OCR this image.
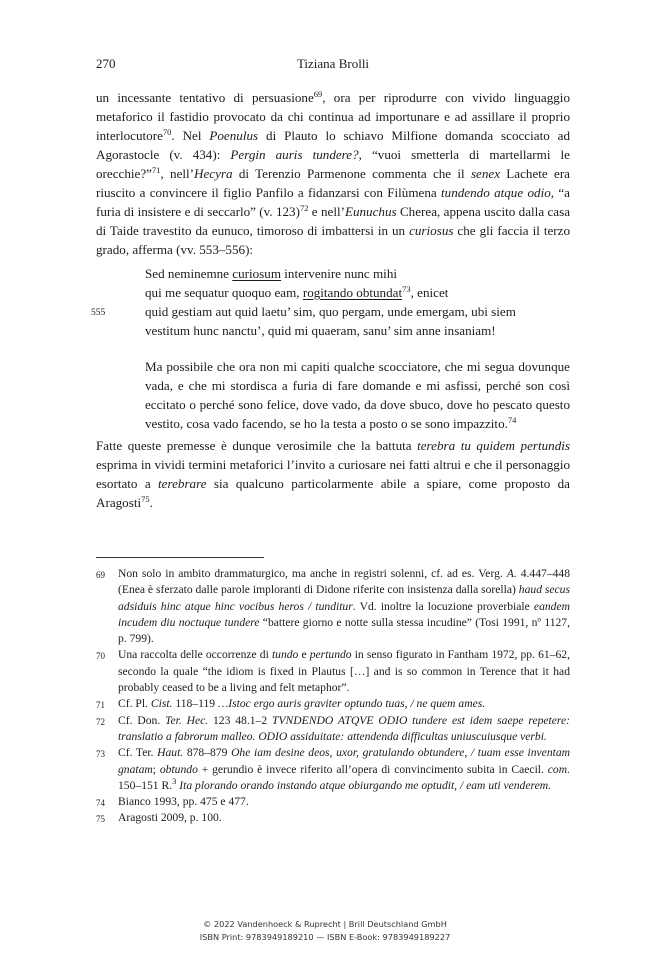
270	Tiziana Brolli

un incessante tentativo di persuasione$^{69}$, ora per riprodurre con vivido linguaggio metaforico il fastidio provocato da chi continua ad importunare e ad assillare il proprio interlocutore$^{70}$. Nel Poenulus di Plauto lo schiavo Milfione domanda scocciato ad Agorastocle (v. 434): Pergin auris tundere?, “vuoi smetterla di martellarmi le orecchie?”$^{71}$, nell’Hecyra di Terenzio Parmenone commenta che il senex Lachete era riuscito a convincere il figlio Panfilo a fidanzarsi con Filùmena tundendo atque odio, “a furia di insistere e di seccarlo” (v. 123)$^{72}$ e nell’Eunuchus Cherea, appena uscito dalla casa di Taide travestito da eunuco, timoroso di imbattersi in un curiosus che gli faccia il terzo grado, afferma (vv. 553–556):

Sed neminemne curiosum intervenire nunc mihi
qui me sequatur quoquo eam, rogitando obtundat$^{73}$, enicet
555	quid gestiam aut quid laetu’ sim, quo pergam, unde emergam, ubi siem
vestitum hunc nanctu’, quid mi quaeram, sanu’ sim anne insaniam!

Ma possibile che ora non mi capiti qualche scocciatore, che mi segua dovunque vada, e che mi stordisca a furia di fare domande e mi asfissi, perché son così eccitato o perché sono felice, dove vado, da dove sbuco, dove ho pescato questo vestito, cosa vado facendo, se ho la testa a posto o se sono impazzito.$^{74}$

Fatte queste premesse è dunque verosimile che la battuta terebra tu quidem pertundis esprima in vividi termini metaforici l’invito a curiosare nei fatti altrui e che il personaggio esortato a terebrare sia qualcuno particolarmente abile a spiare, come proposto da Aragosti$^{75}$.

69 Non solo in ambito drammaturgico, ma anche in registri solenni, cf. ad es. Verg. A. 4.447–448 (Enea è sferzato dalle parole imploranti di Didone riferite con insistenza dalla sorella) haud secus adsiduis hinc atque hinc vocibus heros / tunditur. Vd. inoltre la locuzione proverbiale eandem incudem diu noctuque tundere “battere giorno e notte sulla stessa incudine” (Tosi 1991, nº 1127, p. 799).
70 Una raccolta delle occorrenze di tundo e pertundo in senso figurato in Fantham 1972, pp. 61–62, secondo la quale “the idiom is fixed in Plautus […] and is so common in Terence that it had probably ceased to be a living and felt metaphor”.
71 Cf. Pl. Cist. 118–119 …Istoc ergo auris graviter optundo tuas, / ne quem ames.
72 Cf. Don. Ter. Hec. 123 48.1–2 TVNDENDO ATQVE ODIO tundere est idem saepe repetere: translatio a fabrorum malleo. ODIO assiduitate: attendenda difficultas uniuscuiusque verbi.
73 Cf. Ter. Haut. 878–879 Ohe iam desine deos, uxor, gratulando obtundere, / tuam esse inventam gnatam; obtundo + gerundio è invece riferito all’opera di convincimento subita in Caecil. com. 150–151 R.$^3$ Ita plorando orando instando atque obiurgando me optudit, / eam uti venderem.
74 Bianco 1993, pp. 475 e 477.
75 Aragosti 2009, p. 100.
© 2022 Vandenhoeck & Ruprecht | Brill Deutschland GmbH
ISBN Print: 9783949189210 — ISBN E-Book: 9783949189227
